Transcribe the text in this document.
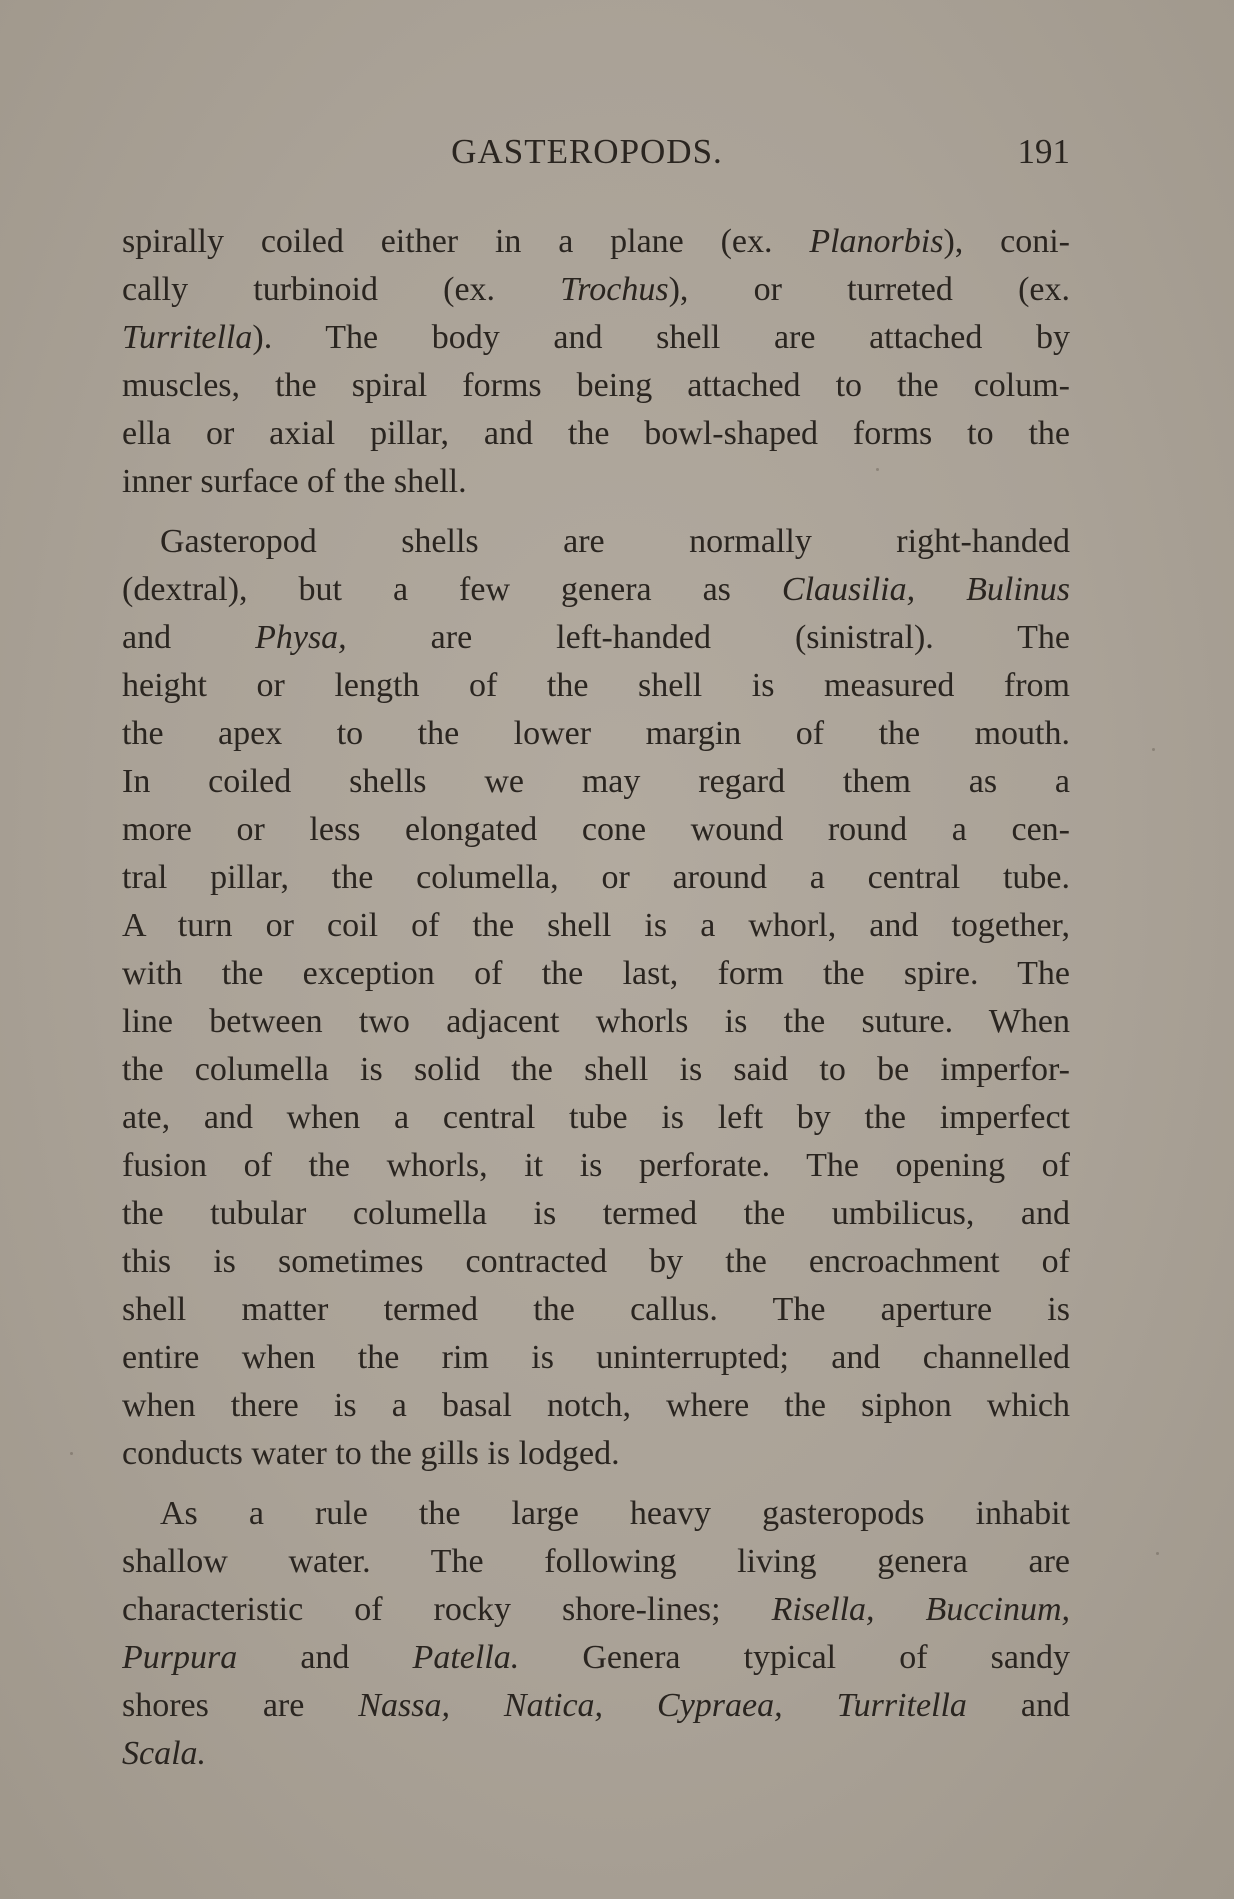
GASTEROPODS.	191
spirally coiled either in a plane (ex. Planorbis), coni-
cally turbinoid (ex. Trochus), or turreted (ex.
Turritella). The body and shell are attached by
muscles, the spiral forms being attached to the colum-
ella or axial pillar, and the bowl-shaped forms to the
inner surface of the shell.
Gasteropod shells are normally right-handed
(dextral), but a few genera as Clausilia, Bulinus
and Physa, are left-handed (sinistral). The
height or length of the shell is measured from
the apex to the lower margin of the mouth.
In coiled shells we may regard them as a
more or less elongated cone wound round a cen-
tral pillar, the columella, or around a central tube.
A turn or coil of the shell is a whorl, and together,
with the exception of the last, form the spire. The
line between two adjacent whorls is the suture. When
the columella is solid the shell is said to be imperfor-
ate, and when a central tube is left by the imperfect
fusion of the whorls, it is perforate. The opening of
the tubular columella is termed the umbilicus, and
this is sometimes contracted by the encroachment of
shell matter termed the callus. The aperture is
entire when the rim is uninterrupted; and channelled
when there is a basal notch, where the siphon which
conducts water to the gills is lodged.
As a rule the large heavy gasteropods inhabit
shallow water. The following living genera are
characteristic of rocky shore-lines; Risella, Buccinum,
Purpura and Patella. Genera typical of sandy
shores are Nassa, Natica, Cypraea, Turritella and
Scala.
